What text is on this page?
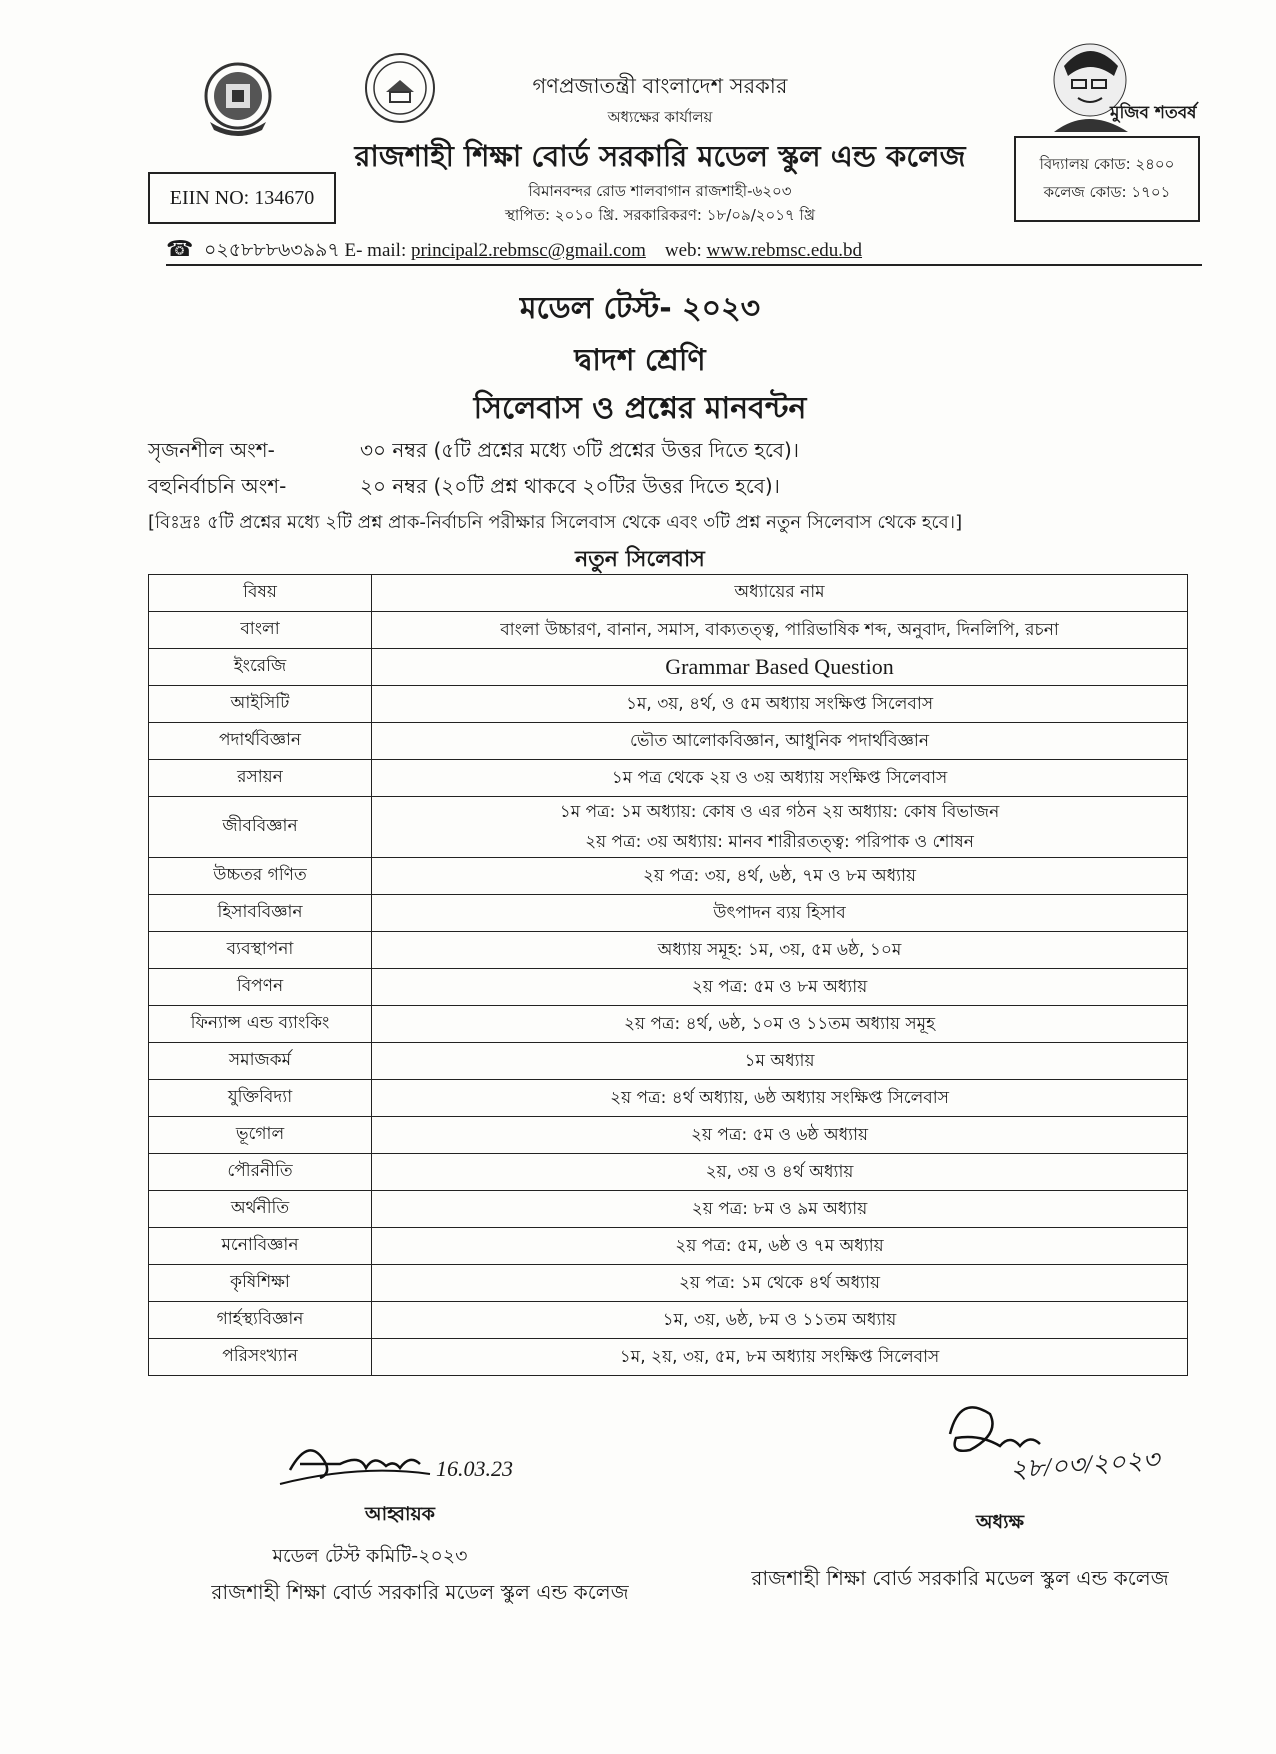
মুজিব শতবর্ষ
গণপ্রজাতন্ত্রী বাংলাদেশ সরকার
অধ্যক্ষের কার্যালয়
রাজশাহী শিক্ষা বোর্ড সরকারি মডেল স্কুল এন্ড কলেজ
বিমানবন্দর রোড শালবাগান রাজশাহী-৬২০৩
স্থাপিত: ২০১০ খ্রি. সরকারিকরণ: ১৮/০৯/২০১৭ খ্রি
EIIN NO: 134670
বিদ্যালয় কোড: ২৪০০
কলেজ কোড: ১৭০১
☎ ০২৫৮৮৮৬৩৯৯৭ E- mail: principal2.rebmsc@gmail.com web: www.rebmsc.edu.bd
মডেল টেস্ট- ২০২৩
দ্বাদশ শ্রেণি
সিলেবাস ও প্রশ্নের মানবন্টন
সৃজনশীল অংশ-	৩০ নম্বর (৫টি প্রশ্নের মধ্যে ৩টি প্রশ্নের উত্তর দিতে হবে)।
বহুনির্বাচনি অংশ-	২০ নম্বর (২০টি প্রশ্ন থাকবে ২০টির উত্তর দিতে হবে)।
[বিঃদ্রঃ ৫টি প্রশ্নের মধ্যে ২টি প্রশ্ন প্রাক-নির্বাচনি পরীক্ষার সিলেবাস থেকে এবং ৩টি প্রশ্ন নতুন সিলেবাস থেকে হবে।]
নতুন সিলেবাস
বিষয়	অধ্যায়ের নাম
বাংলা	বাংলা উচ্চারণ, বানান, সমাস, বাক্যতত্ত্ব, পারিভাষিক শব্দ, অনুবাদ, দিনলিপি, রচনা

ইংরেজি	Grammar Based Question

আইসিটি	১ম, ৩য়, ৪র্থ, ও ৫ম অধ্যায় সংক্ষিপ্ত সিলেবাস

পদার্থবিজ্ঞান	ভৌত আলোকবিজ্ঞান, আধুনিক পদার্থবিজ্ঞান

রসায়ন	১ম পত্র থেকে ২য় ও ৩য় অধ্যায় সংক্ষিপ্ত সিলেবাস

জীববিজ্ঞান	১ম পত্র: ১ম অধ্যায়: কোষ ও এর গঠন ২য় অধ্যায়: কোষ বিভাজন
২য় পত্র: ৩য় অধ্যায়: মানব শারীরতত্ত্ব: পরিপাক ও শোষন

উচ্চতর গণিত	২য় পত্র: ৩য়, ৪র্থ, ৬ষ্ঠ, ৭ম ও ৮ম অধ্যায়

হিসাববিজ্ঞান	উৎপাদন ব্যয় হিসাব

ব্যবস্থাপনা	অধ্যায় সমূহ: ১ম, ৩য়, ৫ম ৬ষ্ঠ, ১০ম

বিপণন	২য় পত্র: ৫ম ও ৮ম অধ্যায়

ফিন্যান্স এন্ড ব্যাংকিং	২য় পত্র: ৪র্থ, ৬ষ্ঠ, ১০ম ও ১১তম অধ্যায় সমূহ

সমাজকর্ম	১ম অধ্যায়

যুক্তিবিদ্যা	২য় পত্র: ৪র্থ অধ্যায়, ৬ষ্ঠ অধ্যায় সংক্ষিপ্ত সিলেবাস

ভূগোল	২য় পত্র: ৫ম ও ৬ষ্ঠ অধ্যায়

পৌরনীতি	২য়, ৩য় ও ৪র্থ অধ্যায়

অর্থনীতি	২য় পত্র: ৮ম ও ৯ম অধ্যায়

মনোবিজ্ঞান	২য় পত্র: ৫ম, ৬ষ্ঠ ও ৭ম অধ্যায়

কৃষিশিক্ষা	২য় পত্র: ১ম থেকে ৪র্থ অধ্যায়

গার্হস্থ্যবিজ্ঞান	১ম, ৩য়, ৬ষ্ঠ, ৮ম ও ১১তম অধ্যায়

পরিসংখ্যান	১ম, ২য়, ৩য়, ৫ম, ৮ম অধ্যায় সংক্ষিপ্ত সিলেবাস
16.03.23
আহ্বায়ক
মডেল টেস্ট কমিটি-২০২৩
রাজশাহী শিক্ষা বোর্ড সরকারি মডেল স্কুল এন্ড কলেজ
২৮/০৩/২০২৩
অধ্যক্ষ
রাজশাহী শিক্ষা বোর্ড সরকারি মডেল স্কুল এন্ড কলেজ
